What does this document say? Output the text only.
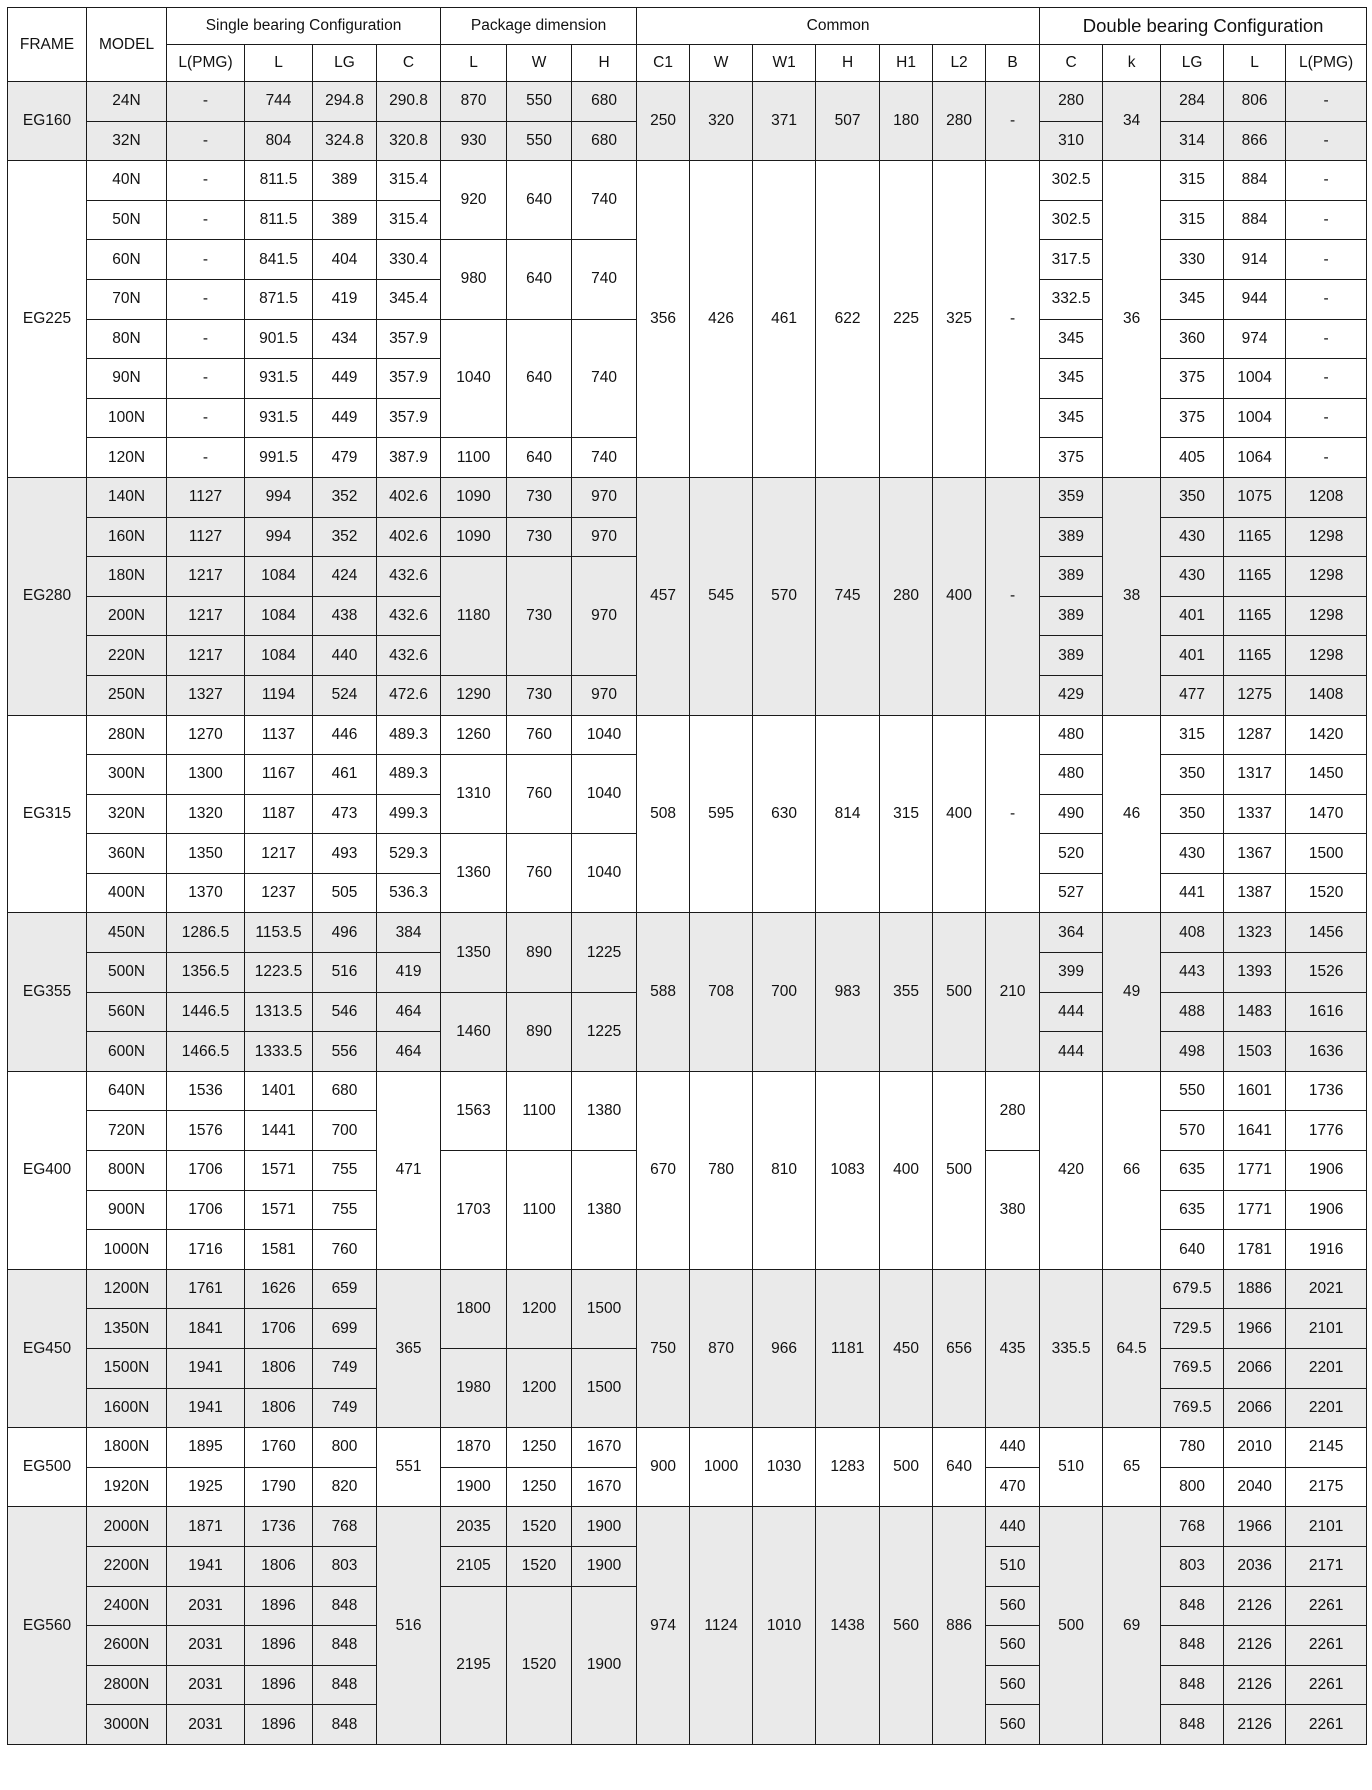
FRAME	MODEL	Single bearing Configuration				Package dimension			Common							Double bearing Configuration				
		L(PMG)	L	LG	C	L	W	H	C1	W	W1	H	H1	L2	B	C	k	LG	L	L(PMG)
EG160	24N	-	744	294.8	290.8	870	550	680	250	320	371	507	180	280	-	280	34	284	806	-
	32N	-	804	324.8	320.8	930	550	680								310		314	866	-
EG225	40N	-	811.5	389	315.4	920	640	740	356	426	461	622	225	325	-	302.5	36	315	884	-
	50N	-	811.5	389	315.4											302.5		315	884	-
	60N	-	841.5	404	330.4	980	640	740								317.5		330	914	-
	70N	-	871.5	419	345.4											332.5		345	944	-
	80N	-	901.5	434	357.9	1040	640	740								345		360	974	-
	90N	-	931.5	449	357.9											345		375	1004	-
	100N	-	931.5	449	357.9											345		375	1004	-
	120N	-	991.5	479	387.9	1100	640	740								375		405	1064	-
EG280	140N	1127	994	352	402.6	1090	730	970	457	545	570	745	280	400	-	359	38	350	1075	1208
	160N	1127	994	352	402.6	1090	730	970								389		430	1165	1298
	180N	1217	1084	424	432.6	1180	730	970								389		430	1165	1298
	200N	1217	1084	438	432.6											389		401	1165	1298
	220N	1217	1084	440	432.6											389		401	1165	1298
	250N	1327	1194	524	472.6	1290	730	970								429		477	1275	1408
EG315	280N	1270	1137	446	489.3	1260	760	1040	508	595	630	814	315	400	-	480	46	315	1287	1420
	300N	1300	1167	461	489.3	1310	760	1040								480		350	1317	1450
	320N	1320	1187	473	499.3											490		350	1337	1470
	360N	1350	1217	493	529.3	1360	760	1040								520		430	1367	1500
	400N	1370	1237	505	536.3											527		441	1387	1520
EG355	450N	1286.5	1153.5	496	384	1350	890	1225	588	708	700	983	355	500	210	364	49	408	1323	1456
	500N	1356.5	1223.5	516	419											399		443	1393	1526
	560N	1446.5	1313.5	546	464	1460	890	1225								444		488	1483	1616
	600N	1466.5	1333.5	556	464											444		498	1503	1636
EG400	640N	1536	1401	680	471	1563	1100	1380	670	780	810	1083	400	500	280	420	66	550	1601	1736
	720N	1576	1441	700														570	1641	1776
	800N	1706	1571	755		1703	1100	1380							380			635	1771	1906
	900N	1706	1571	755														635	1771	1906
	1000N	1716	1581	760														640	1781	1916
EG450	1200N	1761	1626	659	365	1800	1200	1500	750	870	966	1181	450	656	435	335.5	64.5	679.5	1886	2021
	1350N	1841	1706	699														729.5	1966	2101
	1500N	1941	1806	749		1980	1200	1500										769.5	2066	2201
	1600N	1941	1806	749														769.5	2066	2201
EG500	1800N	1895	1760	800	551	1870	1250	1670	900	1000	1030	1283	500	640	440	510	65	780	2010	2145
	1920N	1925	1790	820		1900	1250	1670							470			800	2040	2175
EG560	2000N	1871	1736	768	516	2035	1520	1900	974	1124	1010	1438	560	886	440	500	69	768	1966	2101
	2200N	1941	1806	803		2105	1520	1900							510			803	2036	2171
	2400N	2031	1896	848		2195	1520	1900							560			848	2126	2261
	2600N	2031	1896	848											560			848	2126	2261
	2800N	2031	1896	848											560			848	2126	2261
	3000N	2031	1896	848											560			848	2126	2261
